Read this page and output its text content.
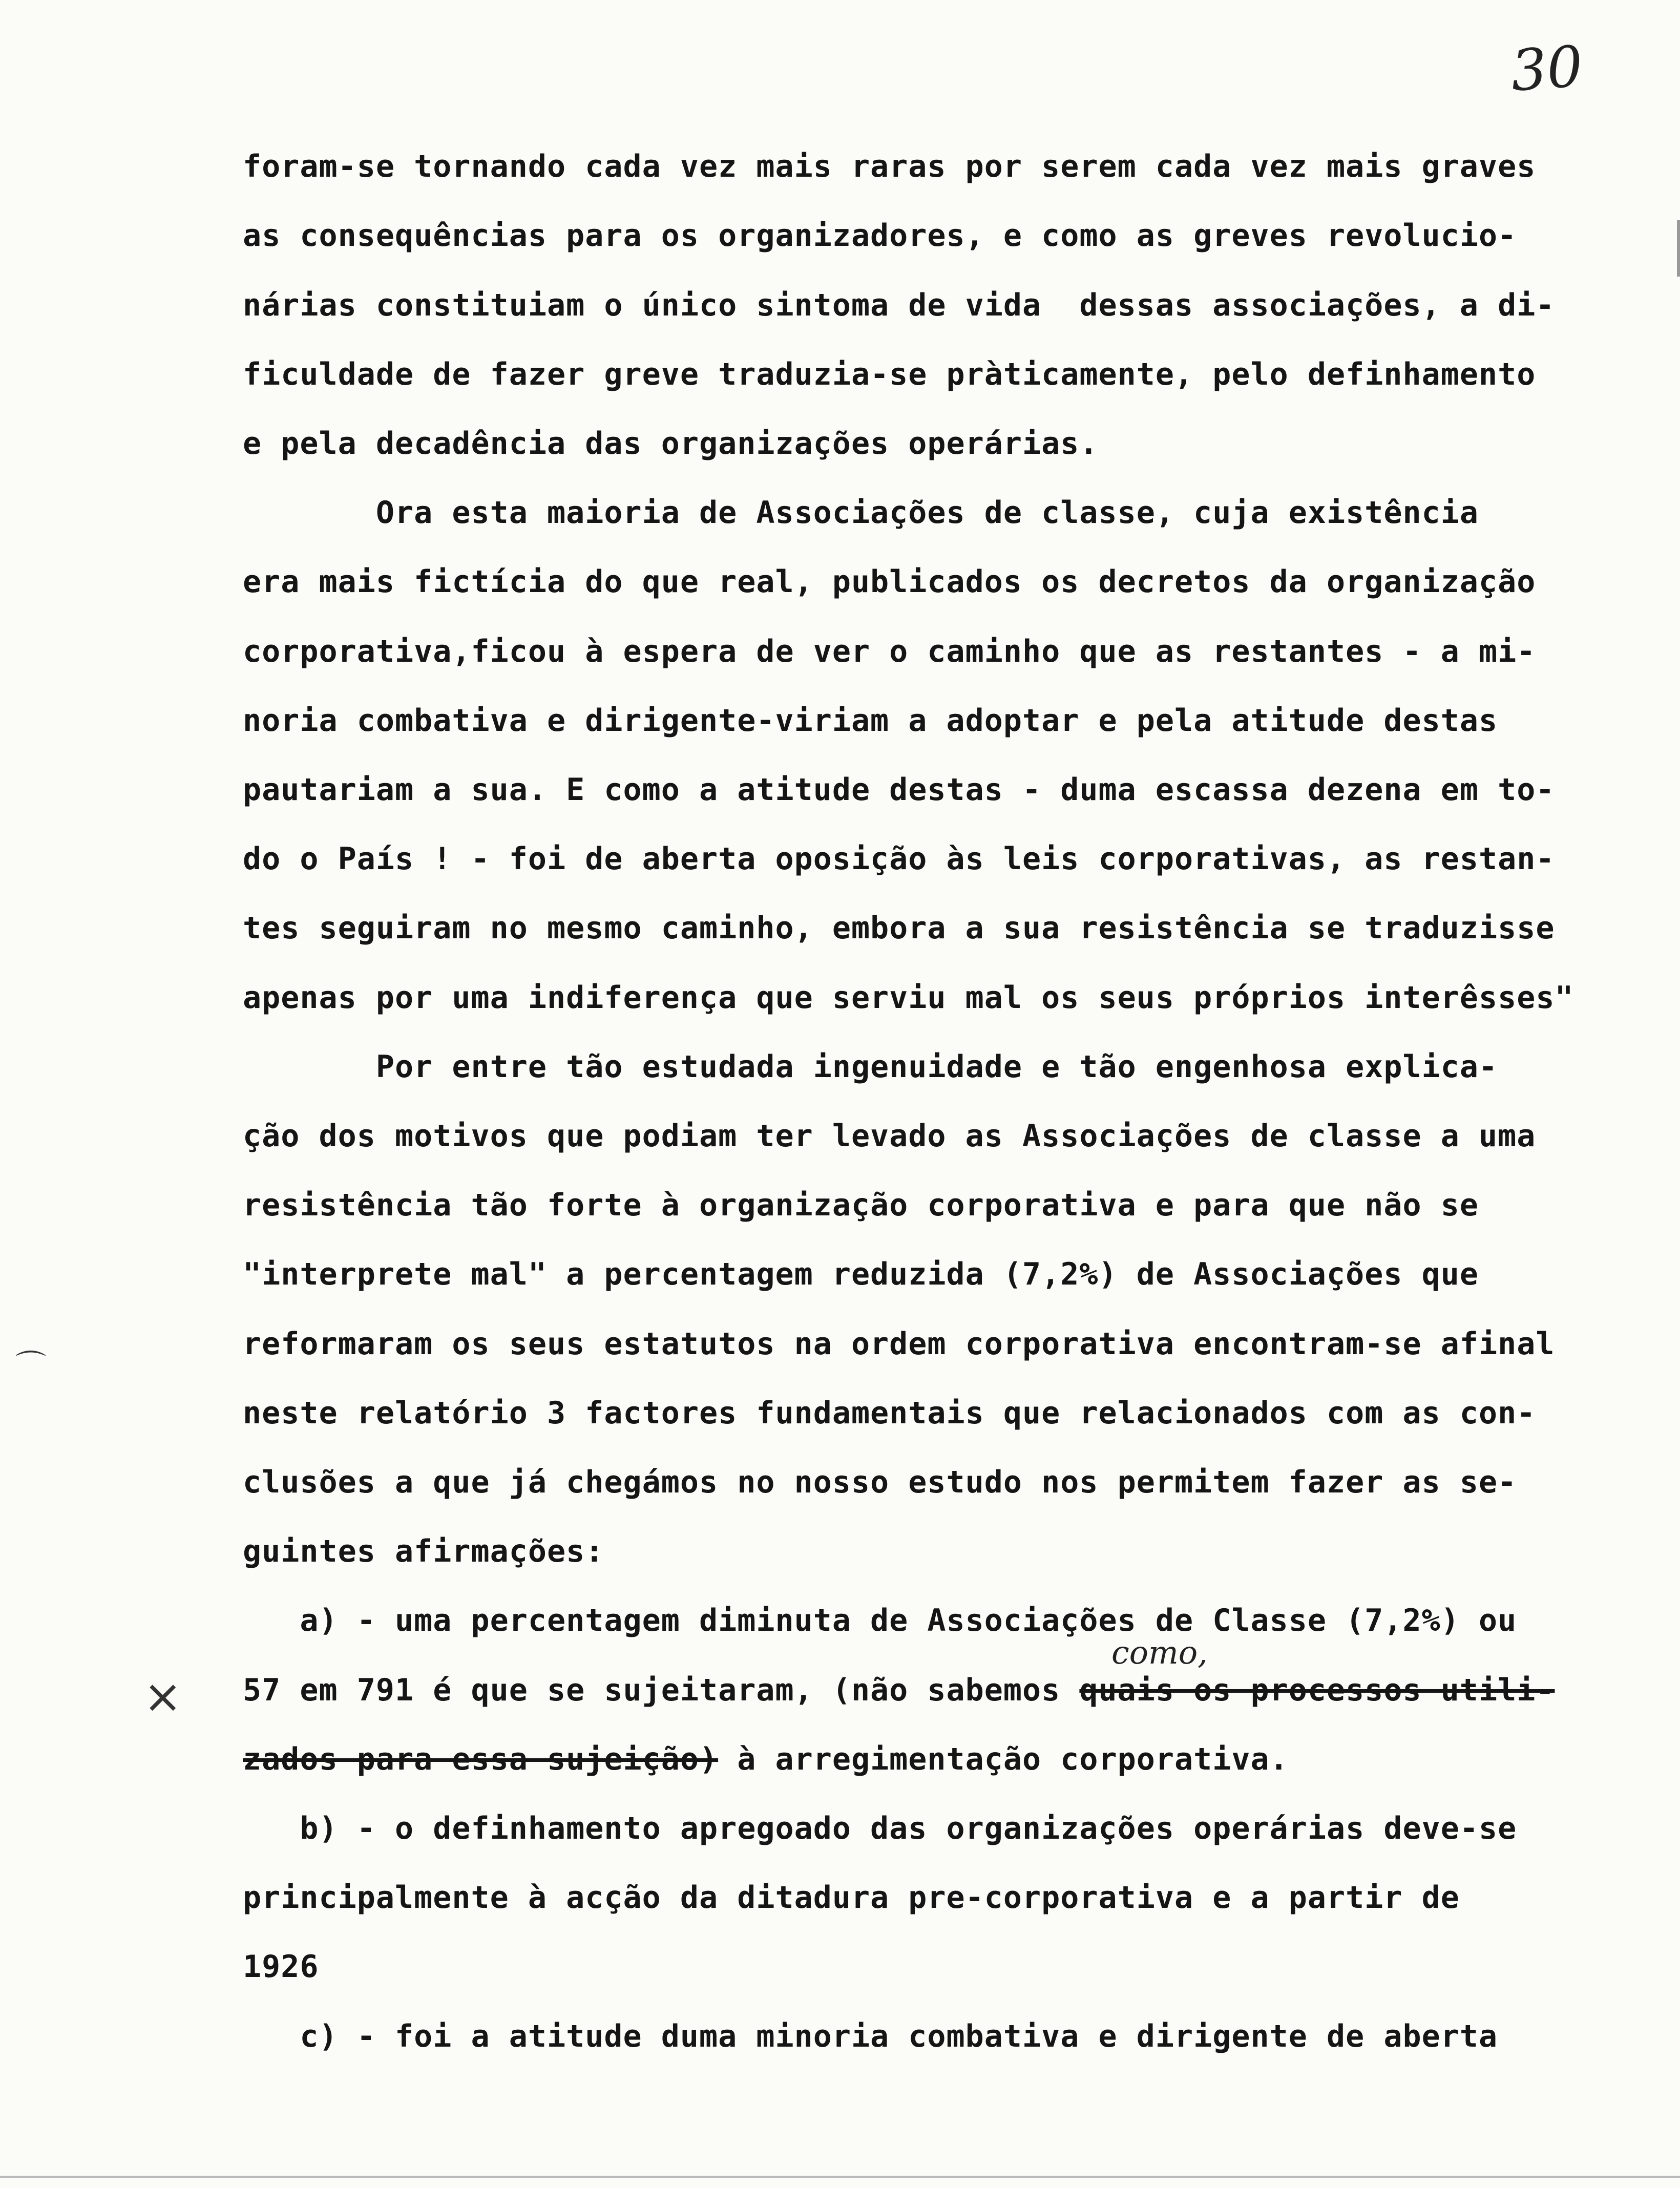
30
foram-se tornando cada vez mais raras por serem cada vez mais graves
as consequências para os organizadores, e como as greves revolucio-
nárias constituiam o único sintoma de vida  dessas associações, a di-
ficuldade de fazer greve traduzia-se pràticamente, pelo definhamento
e pela decadência das organizações operárias.
Ora esta maioria de Associações de classe, cuja existência
era mais fictícia do que real, publicados os decretos da organização
corporativa,ficou à espera de ver o caminho que as restantes - a mi-
noria combativa e dirigente-viriam a adoptar e pela atitude destas
pautariam a sua. E como a atitude destas - duma escassa dezena em to-
do o País ! - foi de aberta oposição às leis corporativas, as restan-
tes seguiram no mesmo caminho, embora a sua resistência se traduzisse
apenas por uma indiferença que serviu mal os seus próprios interêsses"
Por entre tão estudada ingenuidade e tão engenhosa explica-
ção dos motivos que podiam ter levado as Associações de classe a uma
resistência tão forte à organização corporativa e para que não se
"interprete mal" a percentagem reduzida (7,2%) de Associações que
reformaram os seus estatutos na ordem corporativa encontram-se afinal
neste relatório 3 factores fundamentais que relacionados com as con-
clusões a que já chegámos no nosso estudo nos permitem fazer as se-
guintes afirmações:
a) - uma percentagem diminuta de Associações de Classe (7,2%) ou
57 em 791 é que se sujeitaram, (não sabemos quais os processos utili-
zados para essa sujeição) à arregimentação corporativa.
b) - o definhamento apregoado das organizações operárias deve-se
principalmente à acção da ditadura pre-corporativa e a partir de
1926
c) - foi a atitude duma minoria combativa e dirigente de aberta
como,
⨯
⌒
